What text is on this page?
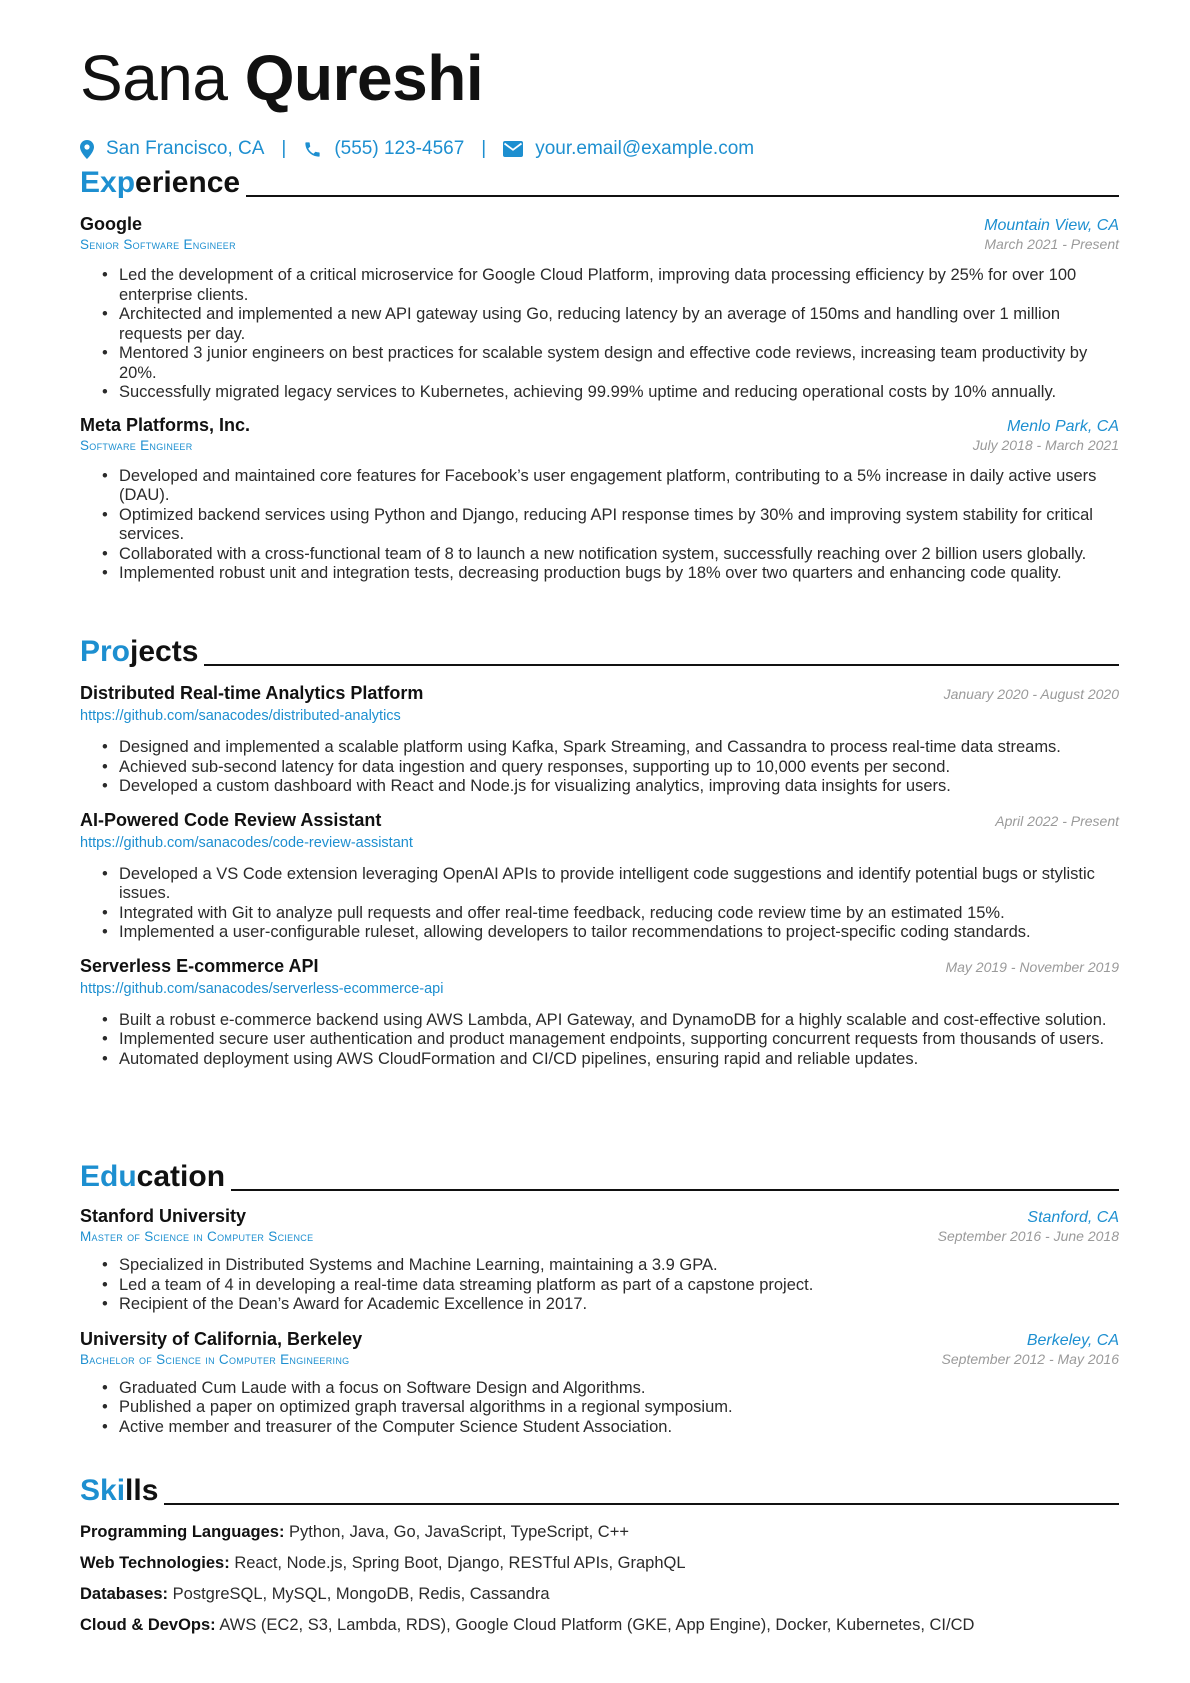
Sana Qureshi
San Francisco, CA |	(555) 123-4567 |	your.email@example.com
Experience
Google	Mountain View, CA
Senior Software Engineer	March 2021 - Present
• Led the development of a critical microservice for Google Cloud Platform, improving data processing efficiency by 25% for over 100 enterprise clients.
• Architected and implemented a new API gateway using Go, reducing latency by an average of 150ms and handling over 1 million requests per day.
• Mentored 3 junior engineers on best practices for scalable system design and effective code reviews, increasing team productivity by 20%.
• Successfully migrated legacy services to Kubernetes, achieving 99.99% uptime and reducing operational costs by 10% annually.
Meta Platforms, Inc.	Menlo Park, CA
Software Engineer	July 2018 - March 2021
• Developed and maintained core features for Facebook’s user engagement platform, contributing to a 5% increase in daily active users (DAU).
• Optimized backend services using Python and Django, reducing API response times by 30% and improving system stability for critical services.
• Collaborated with a cross-functional team of 8 to launch a new notification system, successfully reaching over 2 billion users globally.
• Implemented robust unit and integration tests, decreasing production bugs by 18% over two quarters and enhancing code quality.
Projects
Distributed Real-time Analytics Platform	January 2020 - August 2020
https://github.com/sanacodes/distributed-analytics
• Designed and implemented a scalable platform using Kafka, Spark Streaming, and Cassandra to process real-time data streams.
• Achieved sub-second latency for data ingestion and query responses, supporting up to 10,000 events per second.
• Developed a custom dashboard with React and Node.js for visualizing analytics, improving data insights for users.
AI-Powered Code Review Assistant	April 2022 - Present
https://github.com/sanacodes/code-review-assistant
• Developed a VS Code extension leveraging OpenAI APIs to provide intelligent code suggestions and identify potential bugs or stylistic issues.
• Integrated with Git to analyze pull requests and offer real-time feedback, reducing code review time by an estimated 15%.
• Implemented a user-configurable ruleset, allowing developers to tailor recommendations to project-specific coding standards.
Serverless E-commerce API	May 2019 - November 2019
https://github.com/sanacodes/serverless-ecommerce-api
• Built a robust e-commerce backend using AWS Lambda, API Gateway, and DynamoDB for a highly scalable and cost-effective solution.
• Implemented secure user authentication and product management endpoints, supporting concurrent requests from thousands of users.
• Automated deployment using AWS CloudFormation and CI/CD pipelines, ensuring rapid and reliable updates.
Education
Stanford University	Stanford, CA
Master of Science in Computer Science	September 2016 - June 2018
• Specialized in Distributed Systems and Machine Learning, maintaining a 3.9 GPA.
• Led a team of 4 in developing a real-time data streaming platform as part of a capstone project.
• Recipient of the Dean’s Award for Academic Excellence in 2017.
University of California, Berkeley	Berkeley, CA
Bachelor of Science in Computer Engineering	September 2012 - May 2016
• Graduated Cum Laude with a focus on Software Design and Algorithms.
• Published a paper on optimized graph traversal algorithms in a regional symposium.
• Active member and treasurer of the Computer Science Student Association.
Skills
Programming Languages: Python, Java, Go, JavaScript, TypeScript, C++
Web Technologies: React, Node.js, Spring Boot, Django, RESTful APIs, GraphQL
Databases: PostgreSQL, MySQL, MongoDB, Redis, Cassandra
Cloud & DevOps: AWS (EC2, S3, Lambda, RDS), Google Cloud Platform (GKE, App Engine), Docker, Kubernetes, CI/CD
